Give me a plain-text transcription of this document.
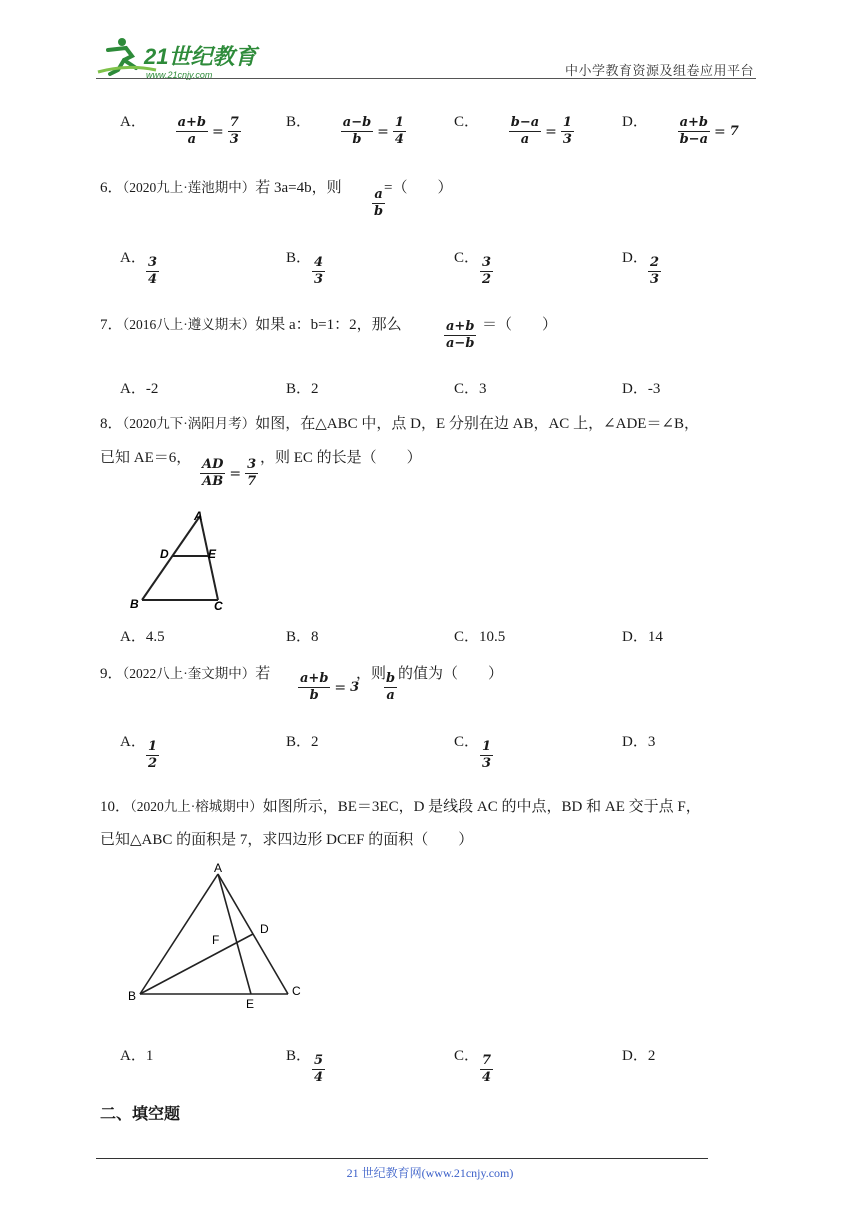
21世纪教育
www.21cnjy.com	中小学教育资源及组卷应用平台
A． $\frac{a+b}{a} = \frac{7}{3}$	B． $\frac{a-b}{b} = \frac{1}{4}$	C． $\frac{b-a}{a} = \frac{1}{3}$	D． $\frac{a+b}{b-a} = 7$
6．（2020九上·莲池期中）若 3a=4b，则 $\frac{a}{b}$
=（　　）
A． $\frac{3}{4}$	B． $\frac{4}{3}$	C． $\frac{3}{2}$	D． $\frac{2}{3}$
7．（2016八上·遵义期末）如果 a：b=1：2，那么	$\frac{a+b}{a-b}$ ＝（　　）
A．-2	B．2	C．3	D．-3
8．（2020九下·涡阳月考）如图，在△ABC 中，点 D，E 分别在边 AB，AC 上，∠ADE＝∠B，
已知 AE＝6， $\frac{AD}{AB} = \frac{3}{7}$ ，则 EC 的长是（　　）
A
D	E
B	C
A．4.5	B．8	C．10.5	D．14
9．（2022八上·奎文期中）若 $\frac{a+b}{b} = 3$
，则
$\frac{b}{a}$ 的值为（　　）
A． $\frac{1}{2}$	B．2	C． $\frac{1}{3}$	D．3
10．（2020九上·榕城期中）如图所示，BE＝3EC，D 是线段 AC 的中点，BD 和 AE 交于点 F，
已知△ABC 的面积是 7，求四边形 DCEF 的面积（　　）
A
D
F
B
E
C
A．1	B． $\frac{5}{4}$	C． $\frac{7}{4}$	D．2
二、填空题
21 世纪教育网(www.21cnjy.com)
